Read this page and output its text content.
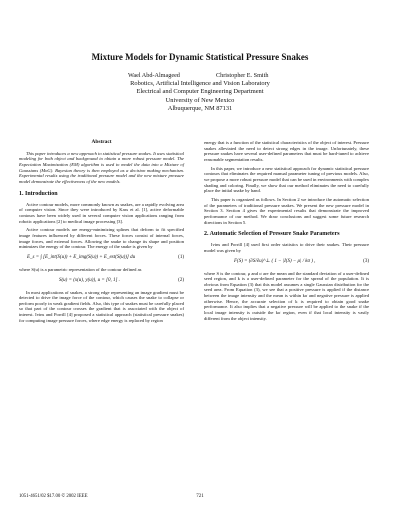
Mixture Models for Dynamic Statistical Pressure Snakes
Wael Abd-Almageed	Christopher E. Smith
Robotics, Artificial Intelligence and Vision Laboratory
Electrical and Computer Engineering Department
University of New Mexico
Albuquerque, NM 87131
Abstract

This paper introduces a new approach to statistical pressure snakes. It uses statistical modeling for both object and background to obtain a more robust pressure model. The Expectation Maximization (EM) algorithm is used to model the data into a Mixture of Gaussians (MoG). Bayesian theory is then employed as a decision making mechanism. Experimental results using the traditional pressure model and the new mixture pressure model demonstrate the effectiveness of the new models.

1. Introduction

Active contour models, more commonly known as snakes, are a rapidly evolving area of computer vision. Since they were introduced by Kass et al. [1], active deformable contours have been widely used in several computer vision applications ranging from robotic applications [2] to medical image processing [3].

Active contour models are energy-minimizing splines that deform to fit specified image features influenced by different forces. These forces consist of internal forces, image forces, and external forces. Allowing the snake to change its shape and position minimizes the energy of the contour. The energy of the snake is given by

E_s = ∫ [E_int(S(u)) + E_img(S(u)) + E_ext(S(u))] du	(1)

where S(u) is a parametric representation of the contour defined as

S(u) = (x(u), y(u)), u = [0, 1] .	(2)

In most applications of snakes, a strong edge representing an image gradient must be detected to drive the image force of the contour, which causes the snake to collapse or perform poorly in weak gradient fields. Also, this type of snakes must be carefully placed so that part of the contour crosses the gradient that is associated with the object of interest. Ivins and Porrill [4] proposed a statistical approach (statistical pressure snakes) for computing image pressure forces, where edge energy is replaced by region

energy that is a function of the statistical characteristics of the object of interest. Pressure snakes alleviated the need to detect strong edges in the image. Unfortunately, these pressure snakes have several user-defined parameters that must be hard-tuned to achieve reasonable segmentation results.

In this paper, we introduce a new statistical approach for dynamic statistical pressure contours that eliminates the required manual parameter tuning of previous models. Also, we propose a more robust pressure model that can be used in environments with complex shading and coloring. Finally, we show that our method eliminates the need to carefully place the initial snake by hand.

This paper is organized as follows. In Section 2 we introduce the automatic selection of the parameters of traditional pressure snakes. We present the new pressure model in Section 3. Section 4 gives the experimental results that demonstrate the improved performance of our method. We draw conclusions and suggest some future research directions in Section 5.

2. Automatic Selection of Pressure Snake Parameters

Ivins and Porrill [4] used first order statistics to drive their snakes. Their pressure model was given by

F(S) = (∂S/∂u)^⊥ ( 1 − |I(S) − μ| / kσ ) ,	(3)

where S is the contour, μ and σ are the mean and the standard deviation of a user-defined seed region, and k is a user-defined parameter for the spread of the population. It is obvious from Equation (3) that this model assumes a single Gaussian distribution for the seed area. From Equation (3), we see that a positive pressure is applied if the distance between the image intensity and the mean is within kσ and negative pressure is applied otherwise. Hence, the accurate selection of k is required to obtain good snake performance. It also implies that a negative pressure will be applied to the snake if the local image intensity is outside the kσ region, even if that local intensity is vastly different from the object intensity.

1051-4651/02 $17.00 © 2002 IEEE	721
